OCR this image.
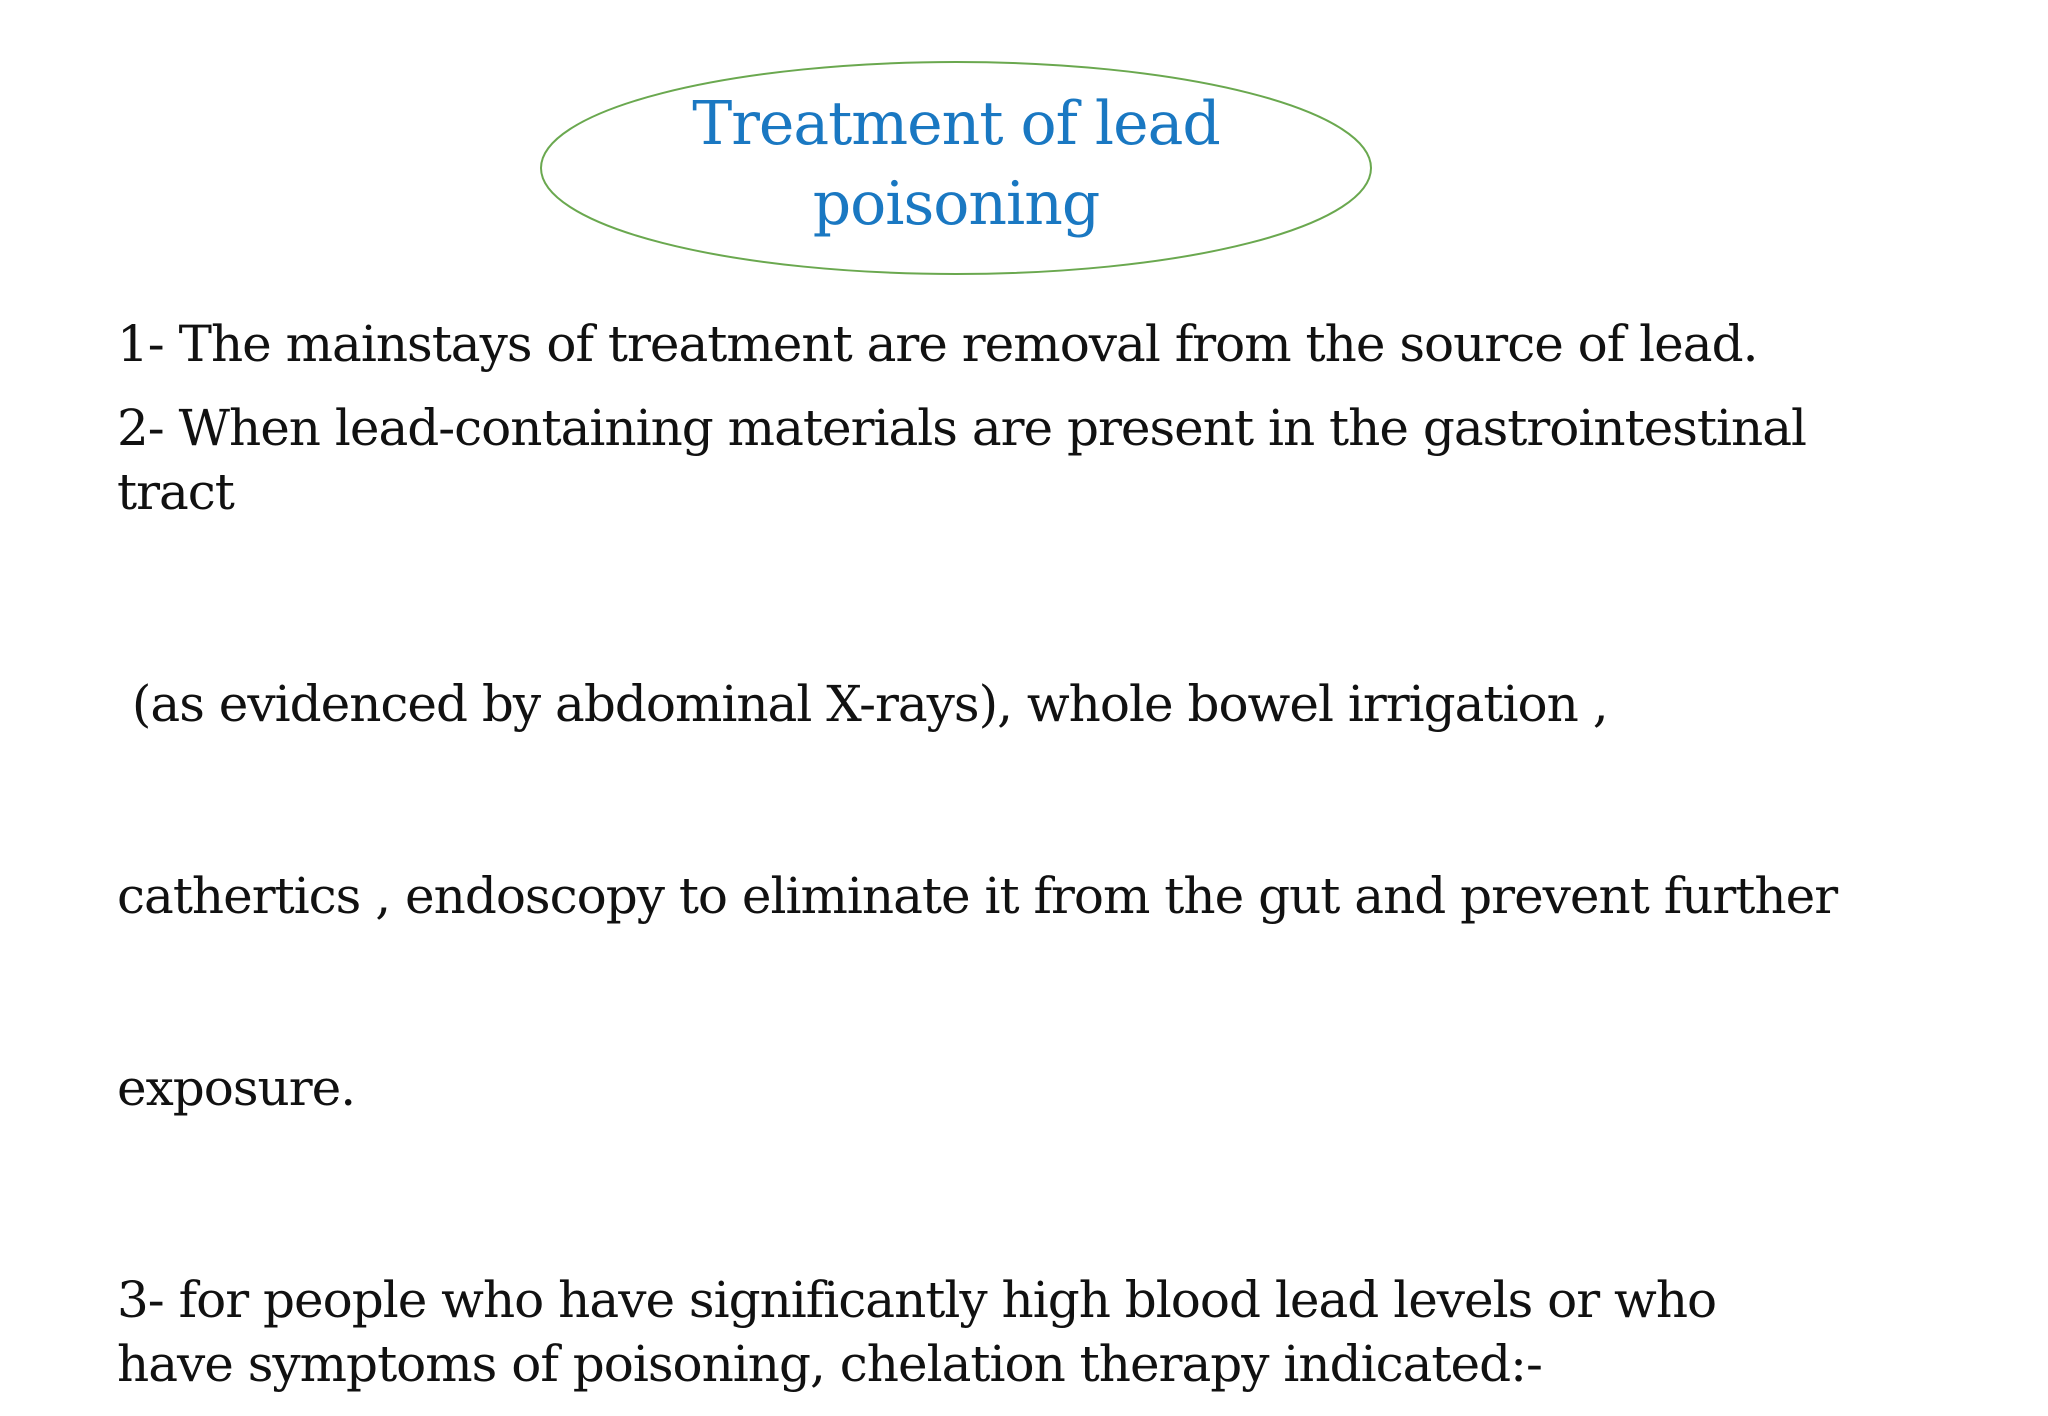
Treatment of lead
poisoning
1- The mainstays of treatment are removal from the source of lead.
2- When lead-containing materials are present in the gastrointestinal
tract

(as evidenced by abdominal X-rays), whole bowel irrigation ,

cathertics , endoscopy to eliminate it from the gut and prevent further

exposure.

3- for people who have significantly high blood lead levels or who
have symptoms of poisoning, chelation therapy indicated:-
